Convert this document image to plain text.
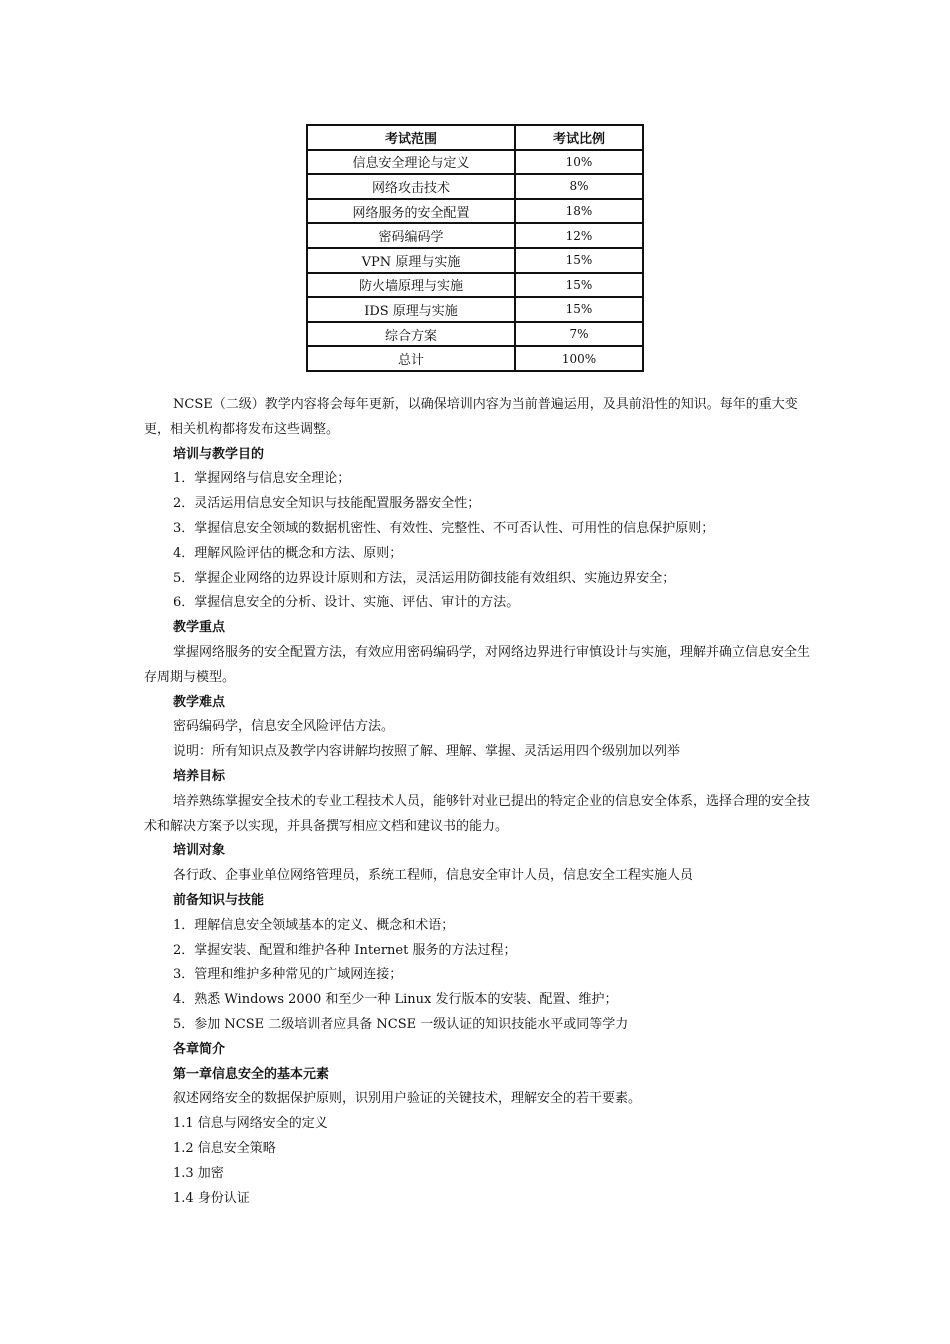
考试范围	考试比例
信息安全理论与定义	10%
网络攻击技术	8%
网络服务的安全配置	18%
密码编码学	12%
VPN 原理与实施	15%
防火墙原理与实施	15%
IDS 原理与实施	15%
综合方案	7%
总计	100%

NCSE（二级）教学内容将会每年更新，以确保培训内容为当前普遍运用，及具前沿性的知识。每年的重大变更，相关机构都将发布这些调整。

培训与教学目的

1．掌握网络与信息安全理论；

2．灵活运用信息安全知识与技能配置服务器安全性；

3．掌握信息安全领域的数据机密性、有效性、完整性、不可否认性、可用性的信息保护原则；

4．理解风险评估的概念和方法、原则；

5．掌握企业网络的边界设计原则和方法，灵活运用防御技能有效组织、实施边界安全；

6．掌握信息安全的分析、设计、实施、评估、审计的方法。

教学重点

掌握网络服务的安全配置方法，有效应用密码编码学，对网络边界进行审慎设计与实施，理解并确立信息安全生存周期与模型。

教学难点

密码编码学，信息安全风险评估方法。

说明：所有知识点及教学内容讲解均按照了解、理解、掌握、灵活运用四个级别加以列举

培养目标

培养熟练掌握安全技术的专业工程技术人员，能够针对业已提出的特定企业的信息安全体系，选择合理的安全技术和解决方案予以实现，并具备撰写相应文档和建议书的能力。

培训对象

各行政、企事业单位网络管理员，系统工程师，信息安全审计人员，信息安全工程实施人员

前备知识与技能

1．理解信息安全领域基本的定义、概念和术语；

2．掌握安装、配置和维护各种 Internet 服务的方法过程；

3．管理和维护多种常见的广域网连接；

4．熟悉 Windows 2000 和至少一种 Linux 发行版本的安装、配置、维护；

5．参加 NCSE 二级培训者应具备 NCSE 一级认证的知识技能水平或同等学力

各章简介

第一章信息安全的基本元素

叙述网络安全的数据保护原则，识别用户验证的关键技术，理解安全的若干要素。

1.1 信息与网络安全的定义

1.2 信息安全策略

1.3 加密

1.4 身份认证
